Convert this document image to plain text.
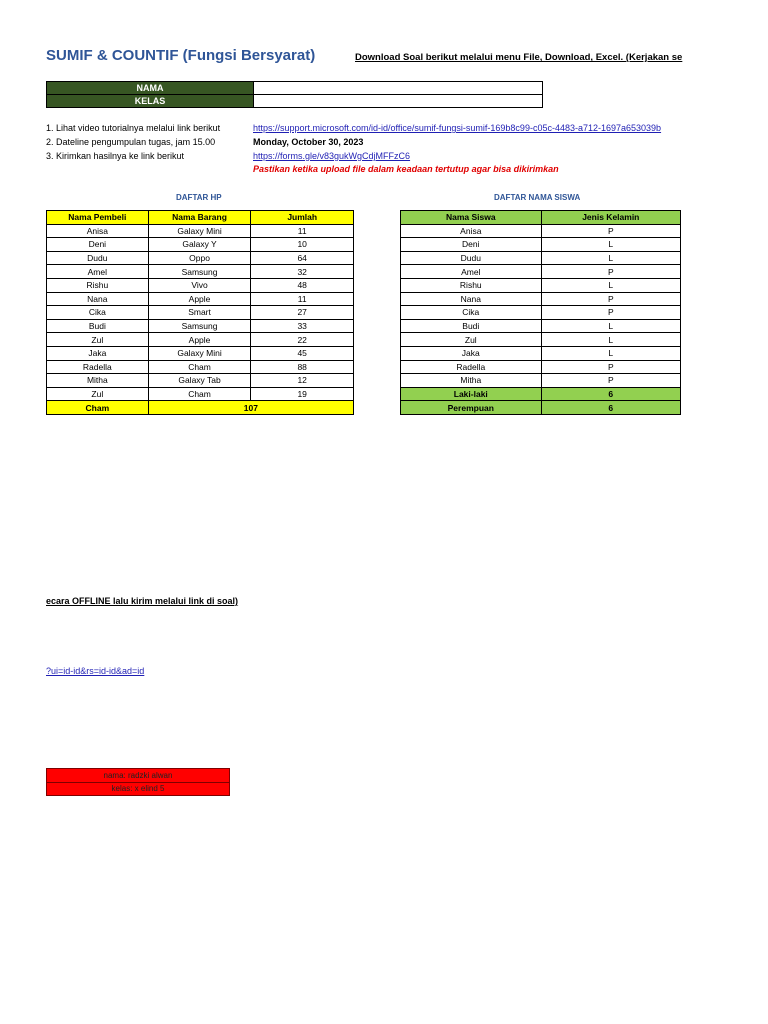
SUMIF & COUNTIF (Fungsi Bersyarat)	Download Soal berikut melalui menu File, Download, Excel. (Kerjakan se
NAMA	
KELAS	
1. Lihat video tutorialnya melalui link berikut	https://support.microsoft.com/id-id/office/sumif-fungsi-sumif-169b8c99-c05c-4483-a712-1697a653039b
2. Dateline pengumpulan tugas, jam 15.00	Monday, October 30, 2023
3. Kirimkan hasilnya ke link berikut	https://forms.gle/v83gukWgCdjMFFzC6
Pastikan ketika upload file dalam keadaan tertutup agar bisa dikirimkan
DAFTAR HP	DAFTAR NAMA SISWA
Nama Pembeli	Nama Barang	Jumlah
Anisa	Galaxy Mini	11
Deni	Galaxy Y	10
Dudu	Oppo	64
Amel	Samsung	32
Rishu	Vivo	48
Nana	Apple	11
Cika	Smart	27
Budi	Samsung	33
Zul	Apple	22
Jaka	Galaxy Mini	45
Radella	Cham	88
Mitha	Galaxy Tab	12
Zul	Cham	19
Cham	107	
Nama Siswa	Jenis Kelamin
Anisa	P
Deni	L
Dudu	L
Amel	P
Rishu	L
Nana	P
Cika	P
Budi	L
Zul	L
Jaka	L
Radella	P
Mitha	P
Laki-laki	6
Perempuan	6
ecara OFFLINE lalu kirim melalui link di soal)
?ui=id-id&rs=id-id&ad=id
nama: radzki alwan
kelas: x elind 5
